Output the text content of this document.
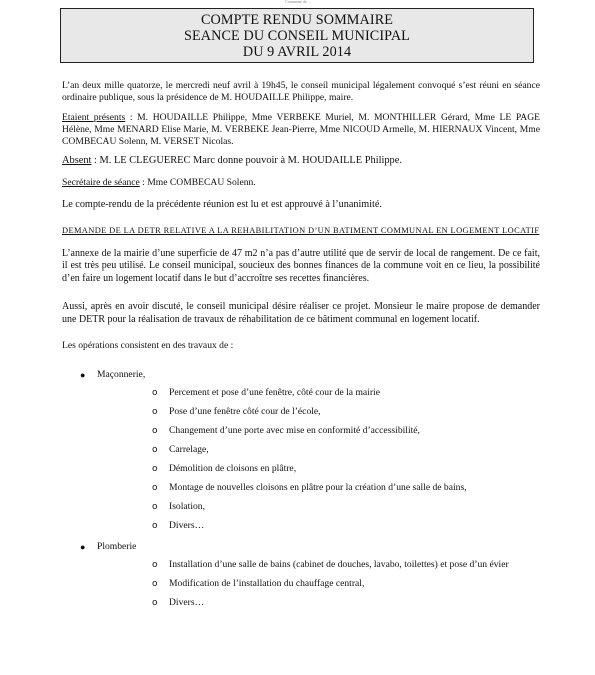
Commune de ...
COMPTE RENDU SOMMAIRE
SEANCE DU CONSEIL MUNICIPAL
DU 9 AVRIL 2014

L’an deux mille quatorze, le mercredi neuf avril à 19h45, le conseil municipal légalement convoqué s’est réuni en séance ordinaire publique, sous la présidence de M. HOUDAILLE Philippe, maire.

Etaient présents : M. HOUDAILLE Philippe, Mme VERBEKE Muriel, M. MONTHILLER Gérard, Mme LE PAGE Hélène, Mme MENARD Elise Marie, M. VERBEKE Jean-Pierre, Mme NICOUD Armelle, M. HIERNAUX Vincent, Mme COMBECAU Solenn, M. VERSET Nicolas.

Absent : M. LE CLEGUEREC Marc donne pouvoir à M. HOUDAILLE Philippe.

Secrétaire de séance : Mme COMBECAU Solenn.

Le compte-rendu de la précédente réunion est lu et est approuvé à l’unanimité.

DEMANDE DE LA DETR RELATIVE A LA REHABILITATION D’UN BATIMENT COMMUNAL EN LOGEMENT LOCATIF

L’annexe de la mairie d’une superficie de 47 m2 n’a pas d’autre utilité que de servir de local de rangement. De ce fait, il est très peu utilisé. Le conseil municipal, soucieux des bonnes finances de la commune voit en ce lieu, la possibilité d’en faire un logement locatif dans le but d’accroître ses recettes financières.

Aussi, après en avoir discuté, le conseil municipal désire réaliser ce projet. Monsieur le maire propose de demander une DETR pour la réalisation de travaux de réhabilitation de ce bâtiment communal en logement locatif.

Les opérations consistent en des travaux de :

● Maçonnerie,
o Percement et pose d’une fenêtre, côté cour de la mairie
o Pose d’une fenêtre côté cour de l’école,
o Changement d’une porte avec mise en conformité d’accessibilité,
o Carrelage,
o Démolition de cloisons en plâtre,
o Montage de nouvelles cloisons en plâtre pour la création d’une salle de bains,
o Isolation,
o Divers…
● Plomberie
o Installation d’une salle de bains (cabinet de douches, lavabo, toilettes) et pose d’un évier
o Modification de l’installation du chauffage central,
o Divers…
